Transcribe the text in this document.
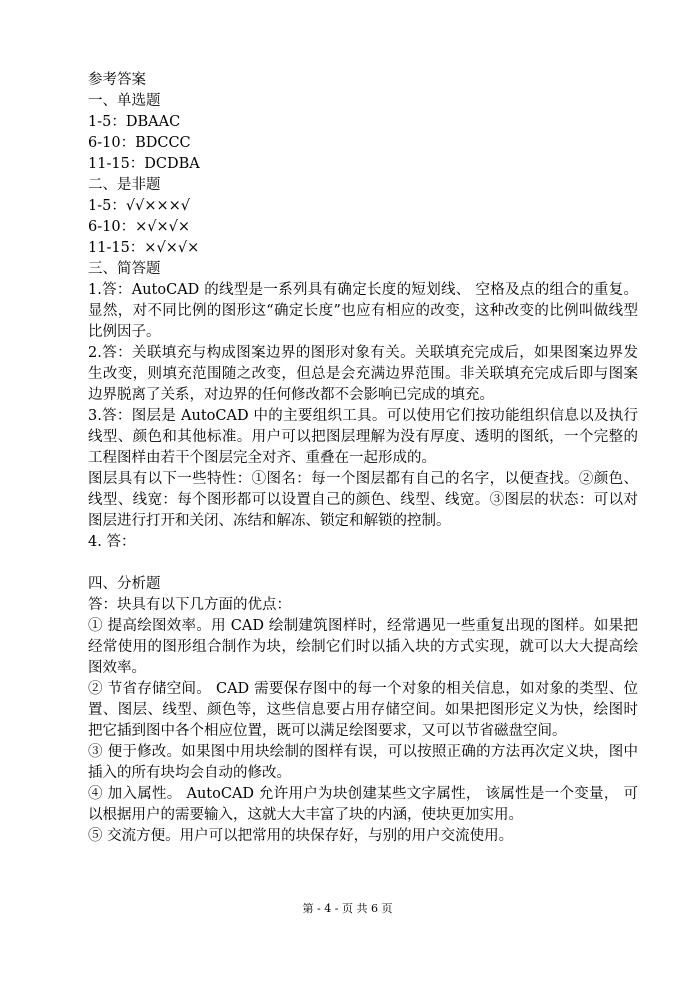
参考答案
一、单选题
1-5：DBAAC
6-10：BDCCC
11-15：DCDBA
二、是非题
1-5：√√×××√
6-10：×√×√×
11-15：×√×√×
三、简答题
1.答：AutoCAD 的线型是一系列具有确定长度的短划线、 空格及点的组合的重复。 显然，对不同比例的图形这“确定长度”也应有相应的改变，这种改变的比例叫做线型比例因子。
2.答：关联填充与构成图案边界的图形对象有关。关联填充完成后，如果图案边界发生改变，则填充范围随之改变，但总是会充满边界范围。非关联填充完成后即与图案边界脱离了关系，对边界的任何修改都不会影响已完成的填充。
3.答：图层是 AutoCAD 中的主要组织工具。可以使用它们按功能组织信息以及执行线型、颜色和其他标准。用户可以把图层理解为没有厚度、透明的图纸，一个完整的工程图样由若干个图层完全对齐、重叠在一起形成的。
图层具有以下一些特性：①图名：每一个图层都有自己的名字，以便查找。②颜色、线型、线宽：每个图形都可以设置自己的颜色、线型、线宽。③图层的状态：可以对图层进行打开和关闭、冻结和解冻、锁定和解锁的控制。
4. 答：
四、分析题
答：块具有以下几方面的优点：
① 提高绘图效率。用 CAD 绘制建筑图样时，经常遇见一些重复出现的图样。如果把经常使用的图形组合制作为块，绘制它们时以插入块的方式实现，就可以大大提高绘图效率。
② 节省存储空间。 CAD 需要保存图中的每一个对象的相关信息，如对象的类型、位置、图层、线型、颜色等，这些信息要占用存储空间。如果把图形定义为快，绘图时把它插到图中各个相应位置，既可以满足绘图要求，又可以节省磁盘空间。
③ 便于修改。如果图中用块绘制的图样有误，可以按照正确的方法再次定义块，图中插入的所有块均会自动的修改。
④ 加入属性。 AutoCAD 允许用户为块创建某些文字属性， 该属性是一个变量， 可以根据用户的需要输入，这就大大丰富了块的内涵，使块更加实用。
⑤ 交流方便。用户可以把常用的块保存好，与别的用户交流使用。
第 - 4 - 页 共 6 页
